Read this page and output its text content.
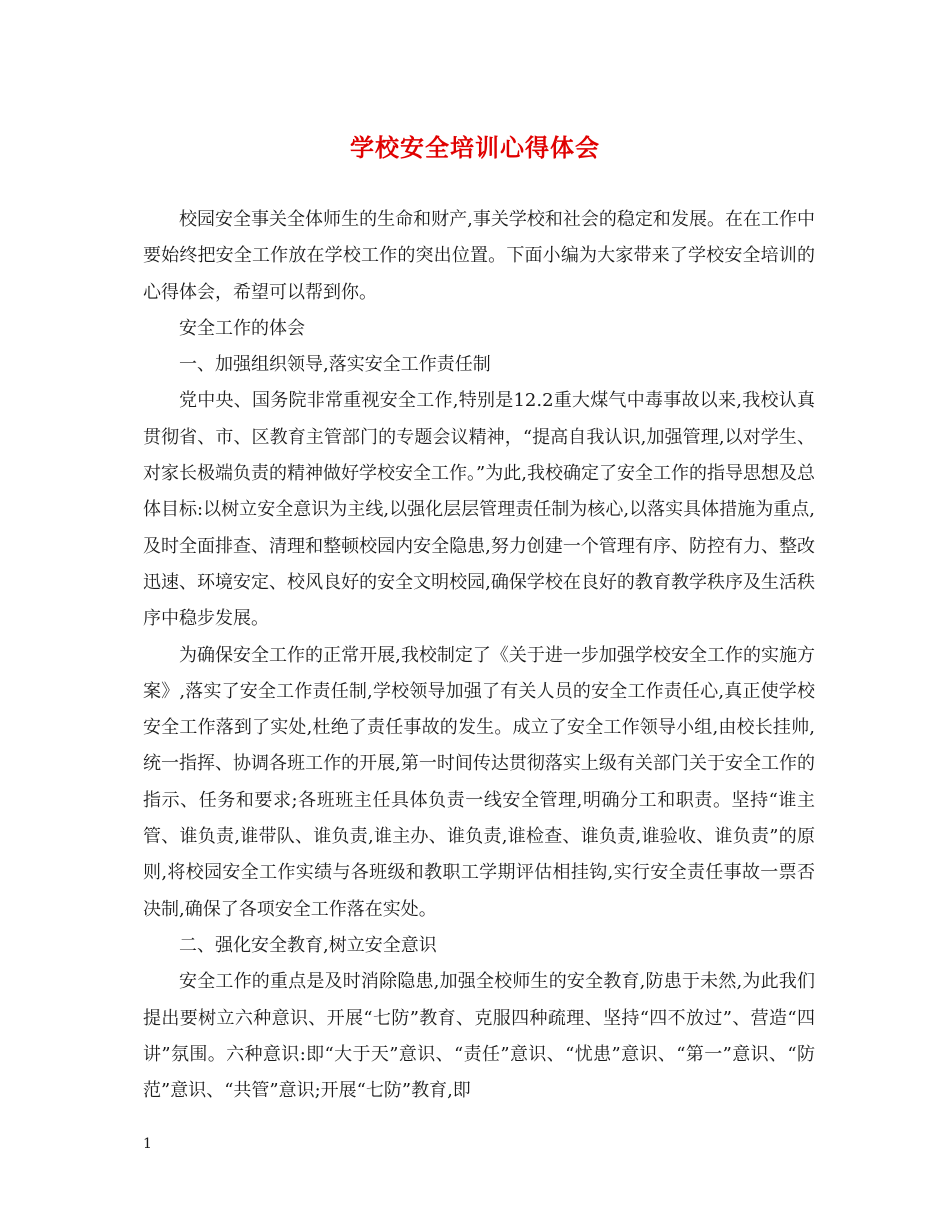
学校安全培训心得体会

校园安全事关全体师生的生命和财产,事关学校和社会的稳定和发展。在在工作中要始终把安全工作放在学校工作的突出位置。下面小编为大家带来了学校安全培训的心得体会，希望可以帮到你。

安全工作的体会

一、加强组织领导,落实安全工作责任制

党中央、国务院非常重视安全工作,特别是12.2重大煤气中毒事故以来,我校认真贯彻省、市、区教育主管部门的专题会议精神，“提高自我认识,加强管理,以对学生、对家长极端负责的精神做好学校安全工作。”为此,我校确定了安全工作的指导思想及总体目标:以树立安全意识为主线,以强化层层管理责任制为核心,以落实具体措施为重点,及时全面排查、清理和整顿校园内安全隐患,努力创建一个管理有序、防控有力、整改迅速、环境安定、校风良好的安全文明校园,确保学校在良好的教育教学秩序及生活秩序中稳步发展。

为确保安全工作的正常开展,我校制定了《关于进一步加强学校安全工作的实施方案》,落实了安全工作责任制,学校领导加强了有关人员的安全工作责任心,真正使学校安全工作落到了实处,杜绝了责任事故的发生。成立了安全工作领导小组,由校长挂帅,统一指挥、协调各班工作的开展,第一时间传达贯彻落实上级有关部门关于安全工作的指示、任务和要求;各班班主任具体负责一线安全管理,明确分工和职责。坚持“谁主管、谁负责,谁带队、谁负责,谁主办、谁负责,谁检查、谁负责,谁验收、谁负责”的原则,将校园安全工作实绩与各班级和教职工学期评估相挂钩,实行安全责任事故一票否决制,确保了各项安全工作落在实处。

二、强化安全教育,树立安全意识

安全工作的重点是及时消除隐患,加强全校师生的安全教育,防患于未然,为此我们提出要树立六种意识、开展“七防”教育、克服四种疏理、坚持“四不放过”、营造“四讲”氛围。六种意识:即“大于天”意识、“责任”意识、“忧患”意识、“第一”意识、“防范”意识、“共管”意识;开展“七防”教育,即

1
